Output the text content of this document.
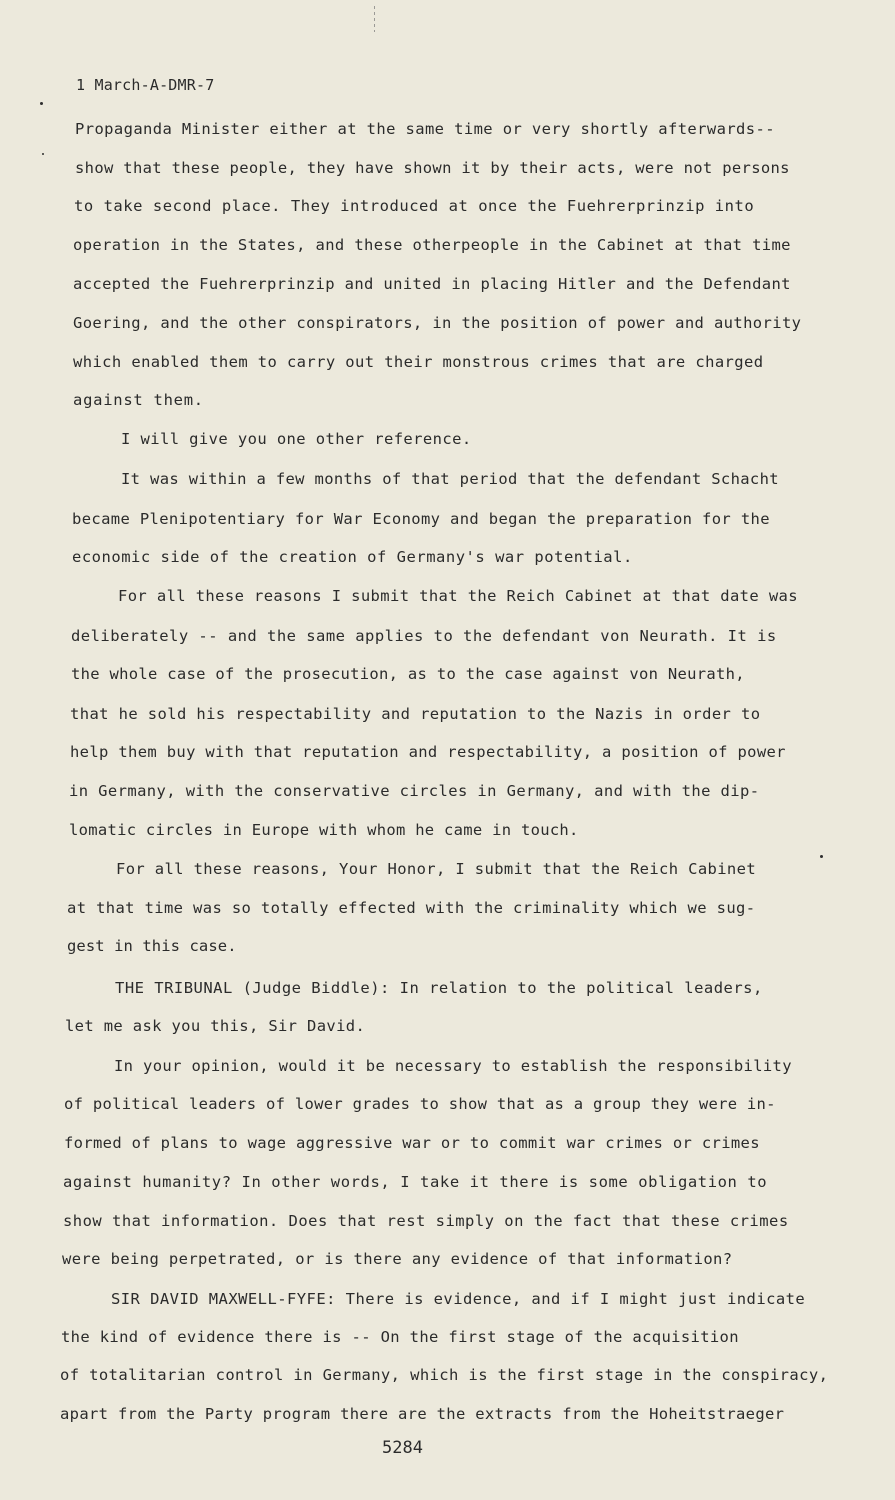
1 March-A-DMR-7
Propaganda Minister either at the same time or very shortly afterwards--
show that these people, they have shown it by their acts, were not persons
to take second place. They introduced at once the Fuehrerprinzip into
operation in the States, and these otherpeople in the Cabinet at that time
accepted the Fuehrerprinzip and united in placing Hitler and the Defendant
Goering, and the other conspirators, in the position of power and authority
which enabled them to carry out their monstrous crimes that are charged
against them.
I will give you one other reference.
It was within a few months of that period that the defendant Schacht
became Plenipotentiary for War Economy and began the preparation for the
economic side of the creation of Germany's war potential.
For all these reasons I submit that the Reich Cabinet at that date was
deliberately -- and the same applies to the defendant von Neurath. It is
the whole case of the prosecution, as to the case against von Neurath,
that he sold his respectability and reputation to the Nazis in order to
help them buy with that reputation and respectability, a position of power
in Germany, with the conservative circles in Germany, and with the dip-
lomatic circles in Europe with whom he came in touch.
For all these reasons, Your Honor, I submit that the Reich Cabinet
at that time was so totally effected with the criminality which we sug-
gest in this case.
THE TRIBUNAL (Judge Biddle): In relation to the political leaders,
let me ask you this, Sir David.
In your opinion, would it be necessary to establish the responsibility
of political leaders of lower grades to show that as a group they were in-
formed of plans to wage aggressive war or to commit war crimes or crimes
against humanity? In other words, I take it there is some obligation to
show that information. Does that rest simply on the fact that these crimes
were being perpetrated, or is there any evidence of that information?
SIR DAVID MAXWELL-FYFE: There is evidence, and if I might just indicate
the kind of evidence there is -- On the first stage of the acquisition
of totalitarian control in Germany, which is the first stage in the conspiracy,
apart from the Party program there are the extracts from the Hoheitstraeger
5284
